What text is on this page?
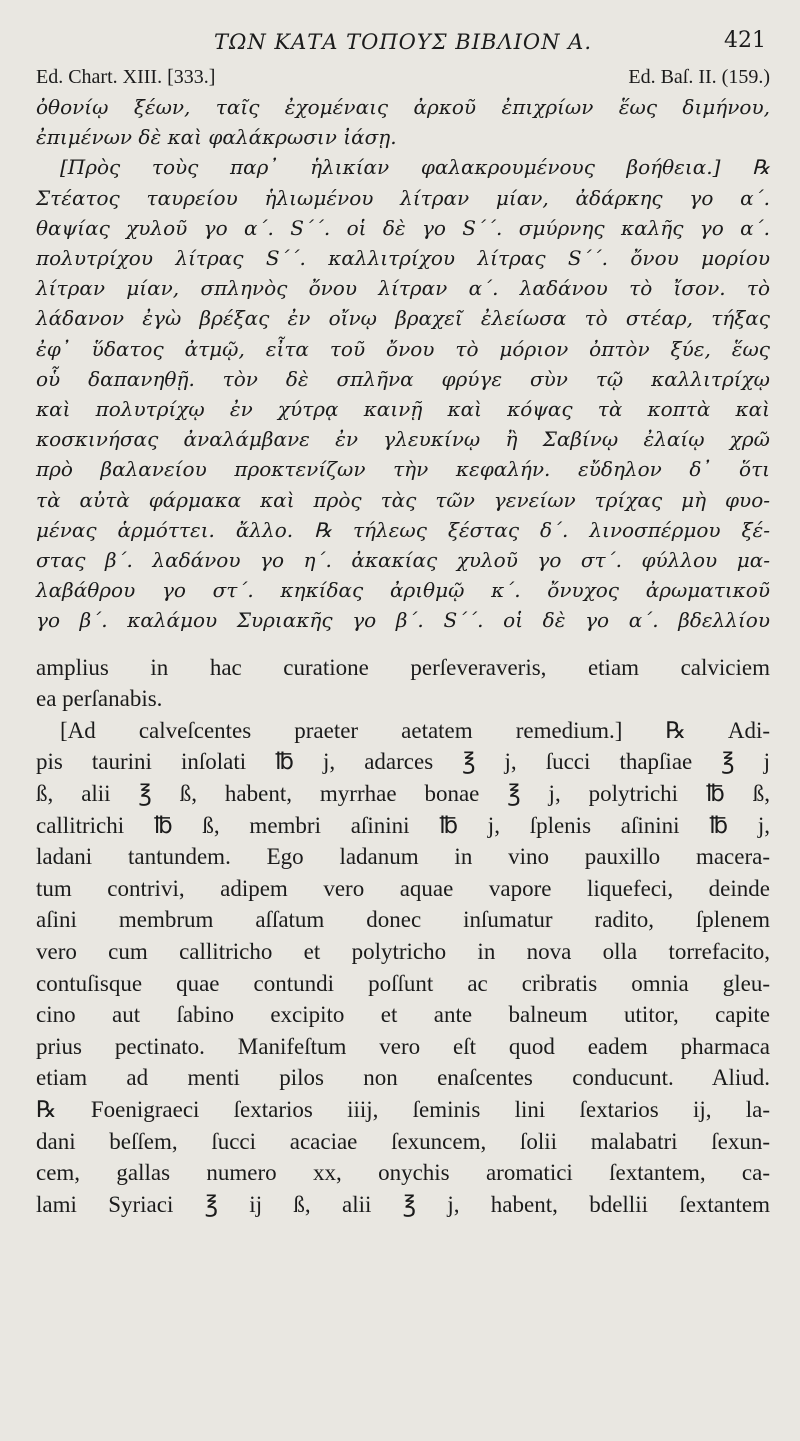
ΤΩΝ ΚΑΤΑ ΤΟΠΟΥΣ ΒΙΒΛΙΟΝ Α.	421
Ed. Chart. XIII. [333.]	Ed. Baſ. II. (159.)
ὀθονίῳ ξέων, ταῖς ἐχομέναις ἀρκοῦ ἐπιχρίων ἕως διμήνου,
ἐπιμένων δὲ καὶ φαλάκρωσιν ἰάσῃ.
[Πρὸς τοὺς παρ᾽ ἡλικίαν φαλακρουμένους βοήθεια.] ℞
Στέατος ταυρείου ἡλιωμένου λίτραν μίαν, ἀδάρκης γο α΄.
θαψίας χυλοῦ γο α΄. S΄΄. οἱ δὲ γο S΄΄. σμύρνης καλῆς γο α΄.
πολυτρίχου λίτρας S΄΄. καλλιτρίχου λίτρας S΄΄. ὄνου μορίου
λίτραν μίαν, σπληνὸς ὄνου λίτραν α΄. λαδάνου τὸ ἴσον. τὸ
λάδανον ἐγὼ βρέξας ἐν οἴνῳ βραχεῖ ἐλείωσα τὸ στέαρ, τήξας
ἐφ᾽ ὕδατος ἀτμῷ, εἶτα τοῦ ὄνου τὸ μόριον ὀπτὸν ξύε, ἕως
οὗ δαπανηθῇ. τὸν δὲ σπλῆνα φρύγε σὺν τῷ καλλιτρίχῳ
καὶ πολυτρίχῳ ἐν χύτρᾳ καινῇ καὶ κόψας τὰ κοπτὰ καὶ
κοσκινήσας ἀναλάμβανε ἐν γλευκίνῳ ἢ Σαβίνῳ ἐλαίῳ χρῶ
πρὸ βαλανείου προκτενίζων τὴν κεφαλήν. εὔδηλον δ᾽ ὅτι
τὰ αὐτὰ φάρμακα καὶ πρὸς τὰς τῶν γενείων τρίχας μὴ φυο-
μένας ἁρμόττει. ἄλλο. ℞ τήλεως ξέστας δ΄. λινοσπέρμου ξέ-
στας β΄. λαδάνου γο η΄. ἀκακίας χυλοῦ γο στ΄. φύλλου μα-
λαβάθρου γο στ΄. κηκίδας ἀριθμῷ κ΄. ὄνυχος ἀρωματικοῦ
γο β΄. καλάμου Συριακῆς γο β΄. S΄΄. οἱ δὲ γο α΄. βδελλίου
amplius in hac curatione perſeveraveris, etiam calviciem
ea perſanabis.
[Ad calveſcentes praeter aetatem remedium.] ℞ Adi-
pis taurini inſolati ℔ j, adarces ℥ j, ſucci thapſiae ℥ j
ß, alii ℥ ß, habent, myrrhae bonae ℥ j, polytrichi ℔ ß,
callitrichi ℔ ß, membri aſinini ℔ j, ſplenis aſinini ℔ j,
ladani tantundem. Ego ladanum in vino pauxillo macera-
tum contrivi, adipem vero aquae vapore liquefeci, deinde
aſini membrum aſſatum donec inſumatur radito, ſplenem
vero cum callitricho et polytricho in nova olla torrefacito,
contuſisque quae contundi poſſunt ac cribratis omnia gleu-
cino aut ſabino excipito et ante balneum utitor, capite
prius pectinato. Manifeſtum vero eſt quod eadem pharmaca
etiam ad menti pilos non enaſcentes conducunt. Aliud.
℞ Foenigraeci ſextarios iiij, ſeminis lini ſextarios ij, la-
dani beſſem, ſucci acaciae ſexuncem, ſolii malabatri ſexun-
cem, gallas numero xx, onychis aromatici ſextantem, ca-
lami Syriaci ℥ ij ß, alii ℥ j, habent, bdellii ſextantem
